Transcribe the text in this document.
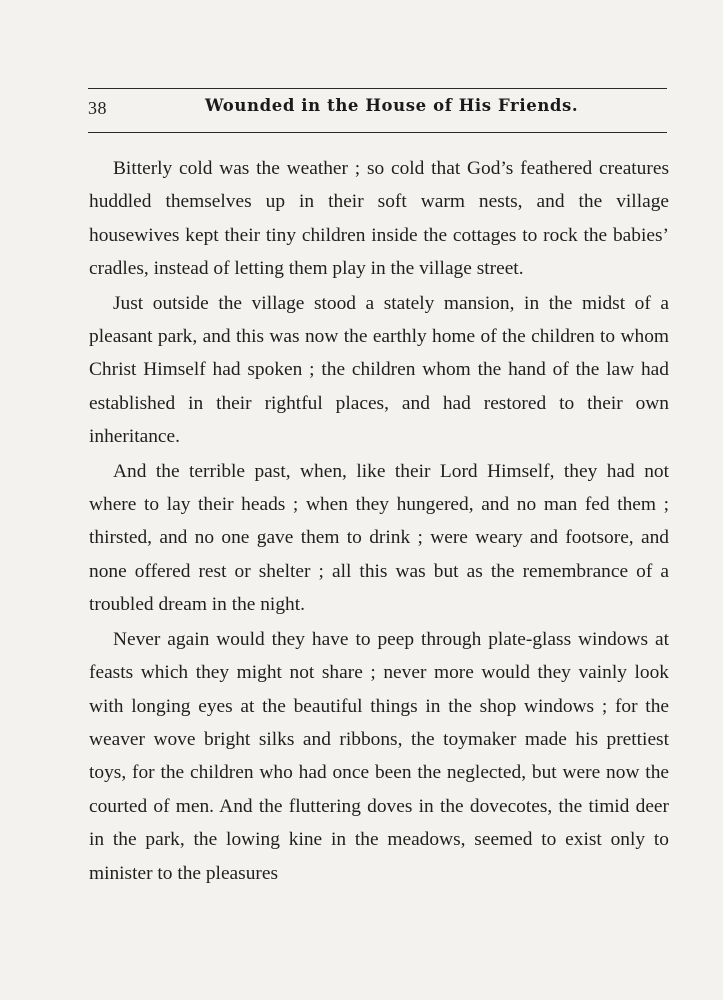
38	Wounded in the House of His Friends.

Bitterly cold was the weather ; so cold that God’s feathered creatures huddled themselves up in their soft warm nests, and the village housewives kept their tiny children inside the cottages to rock the babies’ cradles, instead of letting them play in the village street.

Just outside the village stood a stately mansion, in the midst of a pleasant park, and this was now the earthly home of the children to whom Christ Himself had spoken ; the children whom the hand of the law had established in their rightful places, and had restored to their own inheritance.

And the terrible past, when, like their Lord Himself, they had not where to lay their heads ; when they hungered, and no man fed them ; thirsted, and no one gave them to drink ; were weary and footsore, and none offered rest or shelter ; all this was but as the remembrance of a troubled dream in the night.

Never again would they have to peep through plate-glass windows at feasts which they might not share ; never more would they vainly look with longing eyes at the beautiful things in the shop windows ; for the weaver wove bright silks and ribbons, the toymaker made his prettiest toys, for the children who had once been the neglected, but were now the courted of men. And the fluttering doves in the dovecotes, the timid deer in the park, the lowing kine in the meadows, seemed to exist only to minister to the pleasures
